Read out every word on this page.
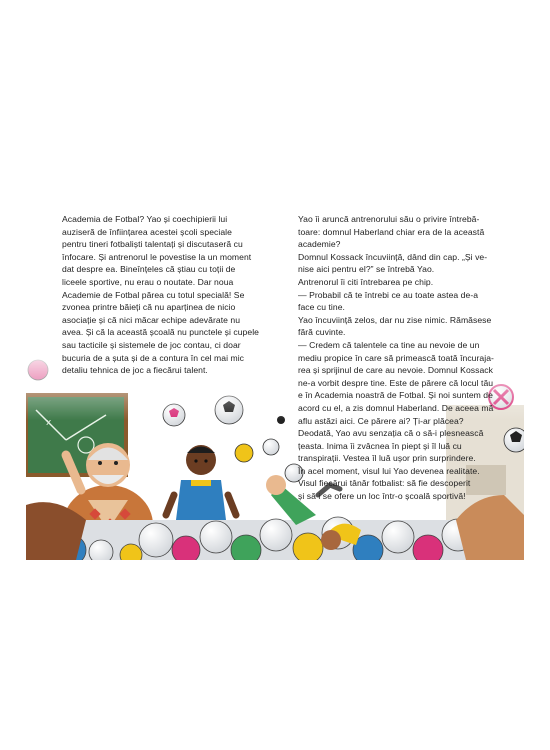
Academia de Fotbal? Yao și coechipierii lui

auziseră de înființarea acestei școli speciale

pentru tineri fotbaliști talentați și discutaseră cu

înfocare. Și antrenorul le povestise la un moment

dat despre ea. Bineînțeles că știau cu toții de

liceele sportive, nu erau o noutate. Dar noua

Academie de Fotbal părea cu totul specială! Se

zvonea printre băieți că nu aparținea de nicio

asociație și că nici măcar echipe adevărate nu

avea. Și că la această școală nu punctele și cupele

sau tacticile și sistemele de joc contau, ci doar

bucuria de a șuta și de a contura în cel mai mic

detaliu tehnica de joc a fiecărui talent.

Yao îi aruncă antrenorului său o privire întrebă-

toare: domnul Haberland chiar era de la această

academie?

Domnul Kossack încuviință, dând din cap. „Și ve-

nise aici pentru el?” se întrebă Yao.

Antrenorul îi citi întrebarea pe chip.

— Probabil că te întrebi ce au toate astea de-a

face cu tine.

Yao încuviință zelos, dar nu zise nimic. Rămăsese

fără cuvinte.

— Credem că talentele ca tine au nevoie de un

mediu propice în care să primească toată încuraja-

rea și sprijinul de care au nevoie. Domnul Kossack

ne-a vorbit despre tine. Este de părere că locul tău

e în Academia noastră de Fotbal. Și noi suntem de

acord cu el, a zis domnul Haberland. De aceea mă

aflu astăzi aici. Ce părere ai? Ți-ar plăcea?

Deodată, Yao avu senzația că o să-i plesnească

țeasta. Inima îi zvâcnea în piept și îl luă cu

transpirații. Vestea îl luă ușor prin surprindere.

În acel moment, visul lui Yao devenea realitate.

Visul fiecărui tânăr fotbalist: să fie descoperit

și să i se ofere un loc într-o școală sportivă!
